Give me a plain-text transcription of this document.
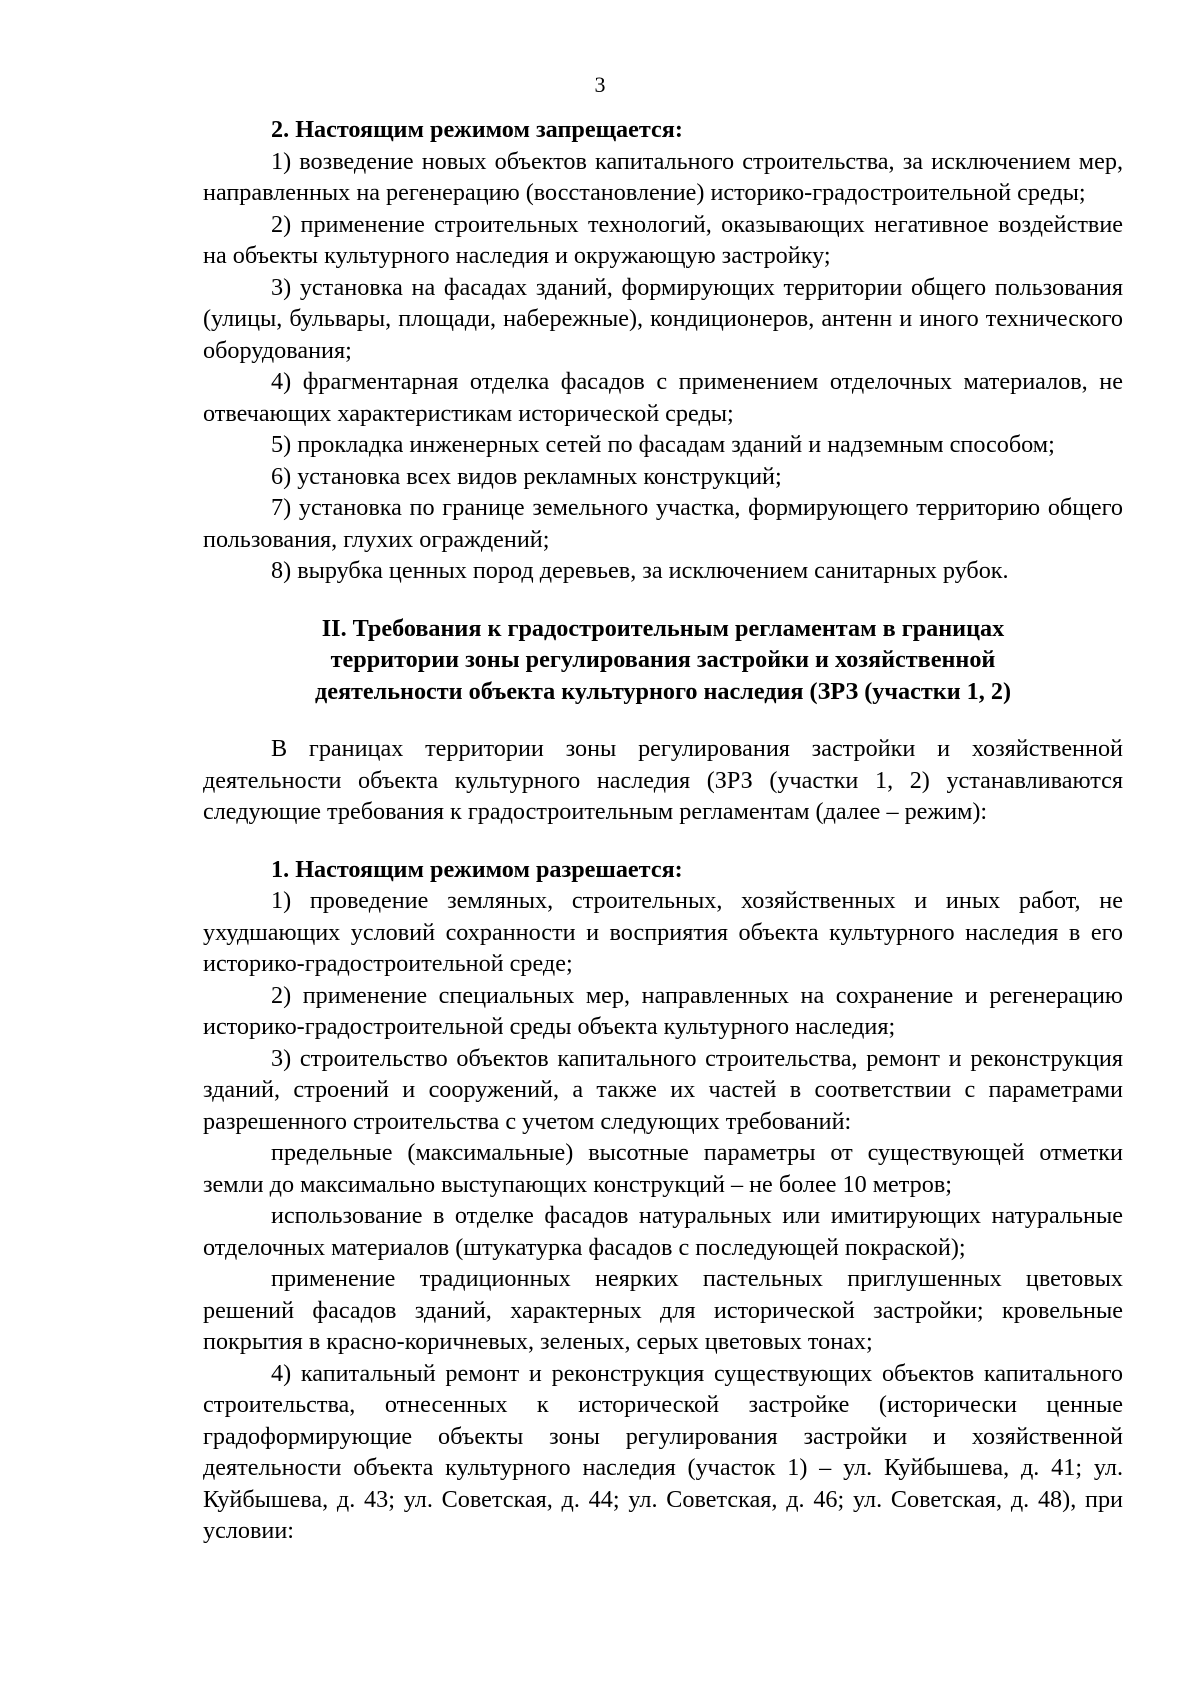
3

2. Настоящим режимом запрещается:

1) возведение новых объектов капитального строительства, за исключением мер, направленных на регенерацию (восстановление) историко-градостроительной среды;

2) применение строительных технологий, оказывающих негативное воздействие на объекты культурного наследия и окружающую застройку;

3) установка на фасадах зданий, формирующих территории общего пользования (улицы, бульвары, площади, набережные), кондиционеров, антенн и иного технического оборудования;

4) фрагментарная отделка фасадов с применением отделочных материалов, не отвечающих характеристикам исторической среды;

5) прокладка инженерных сетей по фасадам зданий и надземным способом;

6) установка всех видов рекламных конструкций;

7) установка по границе земельного участка, формирующего территорию общего пользования, глухих ограждений;

8) вырубка ценных пород деревьев, за исключением санитарных рубок.

II. Требования к градостроительным регламентам в границах

территории зоны регулирования застройки и хозяйственной

деятельности объекта культурного наследия (ЗРЗ (участки 1, 2)

В границах территории зоны регулирования застройки и хозяйственной деятельности объекта культурного наследия (ЗРЗ (участки 1, 2) устанавливаются следующие требования к градостроительным регламентам (далее – режим):

1. Настоящим режимом разрешается:

1) проведение земляных, строительных, хозяйственных и иных работ, не ухудшающих условий сохранности и восприятия объекта культурного наследия в его историко-градостроительной среде;

2) применение специальных мер, направленных на сохранение и регенерацию историко-градостроительной среды объекта культурного наследия;

3) строительство объектов капитального строительства, ремонт и реконструкция зданий, строений и сооружений, а также их частей в соответствии с параметрами разрешенного строительства с учетом следующих требований:

предельные (максимальные) высотные параметры от существующей отметки земли до максимально выступающих конструкций – не более 10 метров;

использование в отделке фасадов натуральных или имитирующих натуральные отделочных материалов (штукатурка фасадов с последующей покраской);

применение традиционных неярких пастельных приглушенных цветовых решений фасадов зданий, характерных для исторической застройки; кровельные покрытия в красно-коричневых, зеленых, серых цветовых тонах;

4) капитальный ремонт и реконструкция существующих объектов капитального строительства, отнесенных к исторической застройке (исторически ценные градоформирующие объекты зоны регулирования застройки и хозяйственной деятельности объекта культурного наследия (участок 1) – ул. Куйбышева, д. 41; ул. Куйбышева, д. 43; ул. Советская, д. 44; ул. Советская, д. 46; ул. Советская, д. 48), при условии:
